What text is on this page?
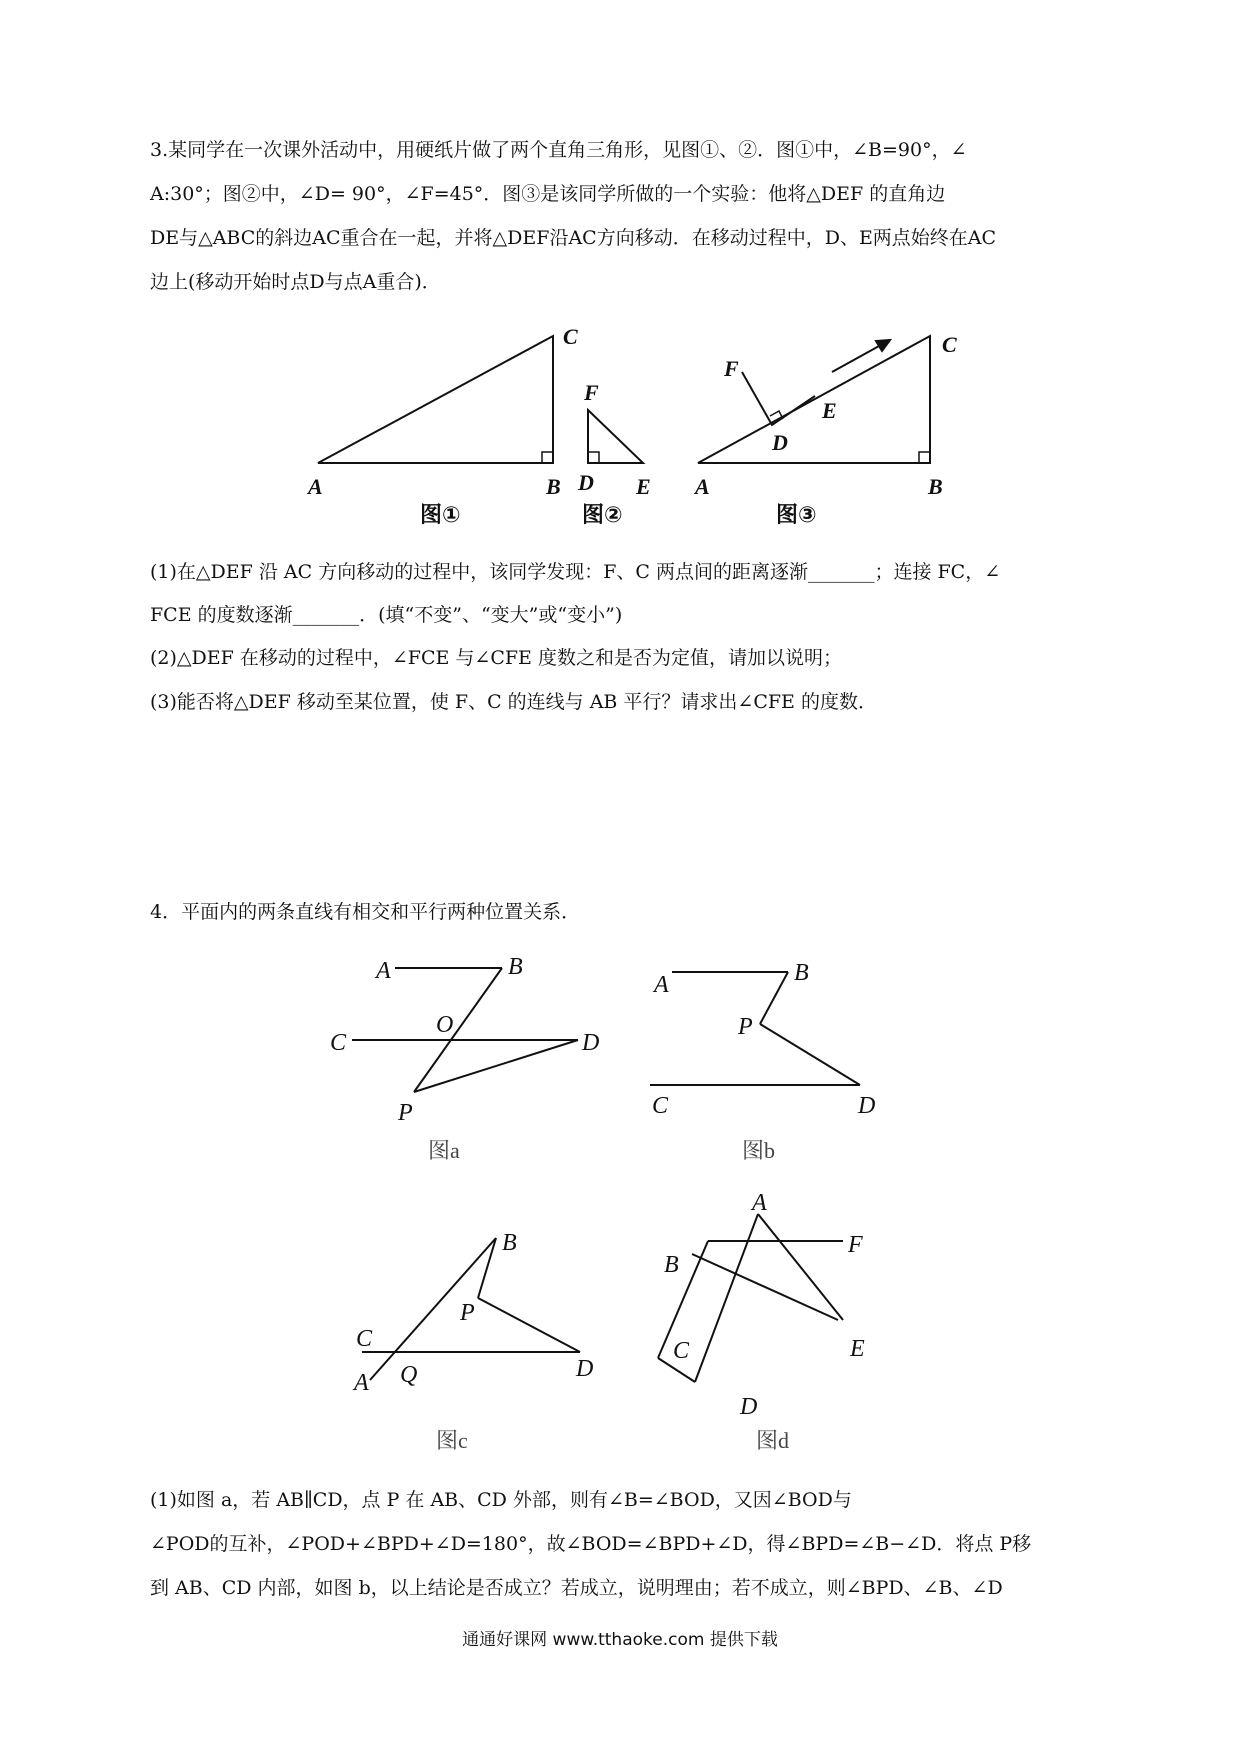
3.某同学在一次课外活动中，用硬纸片做了两个直角三角形，见图①、②．图①中，∠B=90°，∠

A:30°；图②中，∠D= 90°，∠F=45°．图③是该同学所做的一个实验：他将△DEF 的直角边

DE与△ABC的斜边AC重合在一起，并将△DEF沿AC方向移动．在移动过程中，D、E两点始终在AC

边上(移动开始时点D与点A重合)．

A	B
C
图①
F
D E
图②
A	B
C
D
E
F
图③

(1)在△DEF 沿 AC 方向移动的过程中，该同学发现：F、C 两点间的距离逐渐_______；连接 FC，∠

FCE 的度数逐渐_______．(填“不变”、“变大”或“变小”)

(2)△DEF 在移动的过程中，∠FCE 与∠CFE 度数之和是否为定值，请加以说明；

(3)能否将△DEF 移动至某位置，使 F、C 的连线与 AB 平行？请求出∠CFE 的度数．

4．平面内的两条直线有相交和平行两种位置关系．

A	B
C	D
O
P
图a
A	B
C	D
P
图b
C
A Q
B
P
D
图c
A
B
F
E
C
D
图d

(1)如图 a，若 AB∥CD，点 P 在 AB、CD 外部，则有∠B=∠BOD，又因∠BOD与

∠POD的互补，∠POD+∠BPD+∠D=180°，故∠BOD=∠BPD+∠D，得∠BPD=∠B−∠D．将点 P移

到 AB、CD 内部，如图 b，以上结论是否成立？若成立，说明理由；若不成立，则∠BPD、∠B、∠D

通通好课网 www.tthaoke.com 提供下载
